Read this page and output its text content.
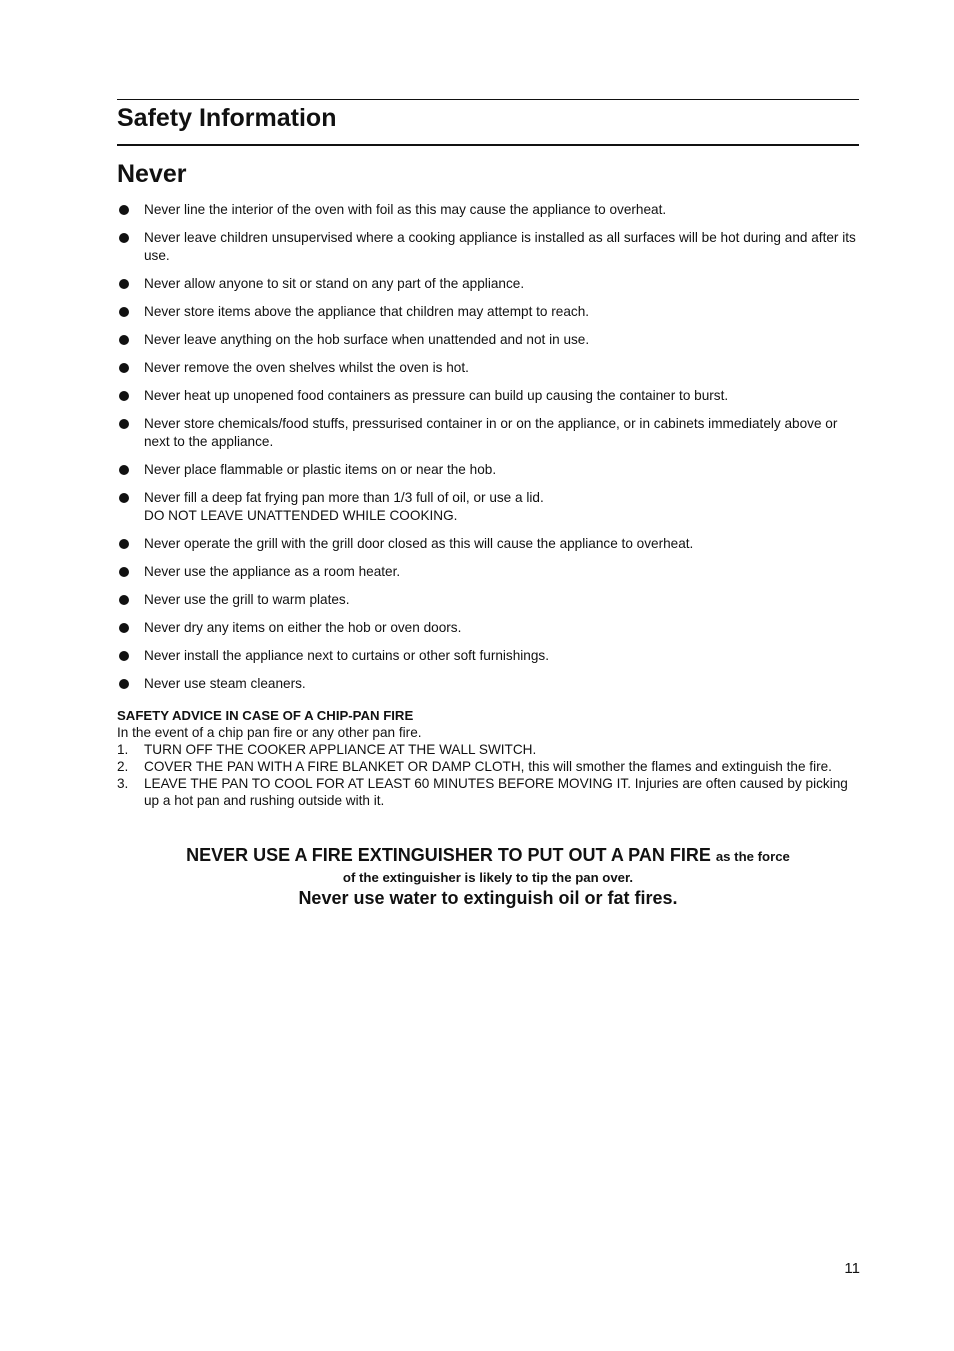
Safety Information
Never
Never line the interior of the oven with foil as this may cause the appliance to overheat.
Never leave children unsupervised where a cooking appliance is installed as all surfaces will be hot during and after its use.
Never allow anyone to sit or stand on any part of the appliance.
Never store items above the appliance that children may attempt to reach.
Never leave anything on the hob surface when unattended and not in use.
Never remove the oven shelves whilst the oven is hot.
Never heat up unopened food containers as pressure can build up causing the container to burst.
Never store chemicals/food stuffs, pressurised container in or on the appliance, or in cabinets immediately above or next to the appliance.
Never place flammable or plastic items on or near the hob.
Never fill a deep fat frying pan more than 1/3 full of oil, or use a lid.
DO NOT LEAVE UNATTENDED WHILE COOKING.
Never operate the grill with the grill door closed as this will cause the appliance to overheat.
Never use the appliance as a room heater.
Never use the grill to warm plates.
Never dry any items on either the hob or oven doors.
Never install the appliance next to curtains or other soft furnishings.
Never use steam cleaners.
SAFETY ADVICE IN CASE OF A CHIP-PAN FIRE
In the event of a chip pan fire or any other pan fire.
1. TURN OFF THE COOKER APPLIANCE AT THE WALL SWITCH.
2. COVER THE PAN WITH A FIRE BLANKET OR DAMP CLOTH, this will smother the flames and extinguish the fire.
3. LEAVE THE PAN TO COOL FOR AT LEAST 60 MINUTES BEFORE MOVING IT. Injuries are often caused by picking up a hot pan and rushing outside with it.
NEVER USE A FIRE EXTINGUISHER TO PUT OUT A PAN FIRE as the force
of the extinguisher is likely to tip the pan over.
Never use water to extinguish oil or fat fires.
11
